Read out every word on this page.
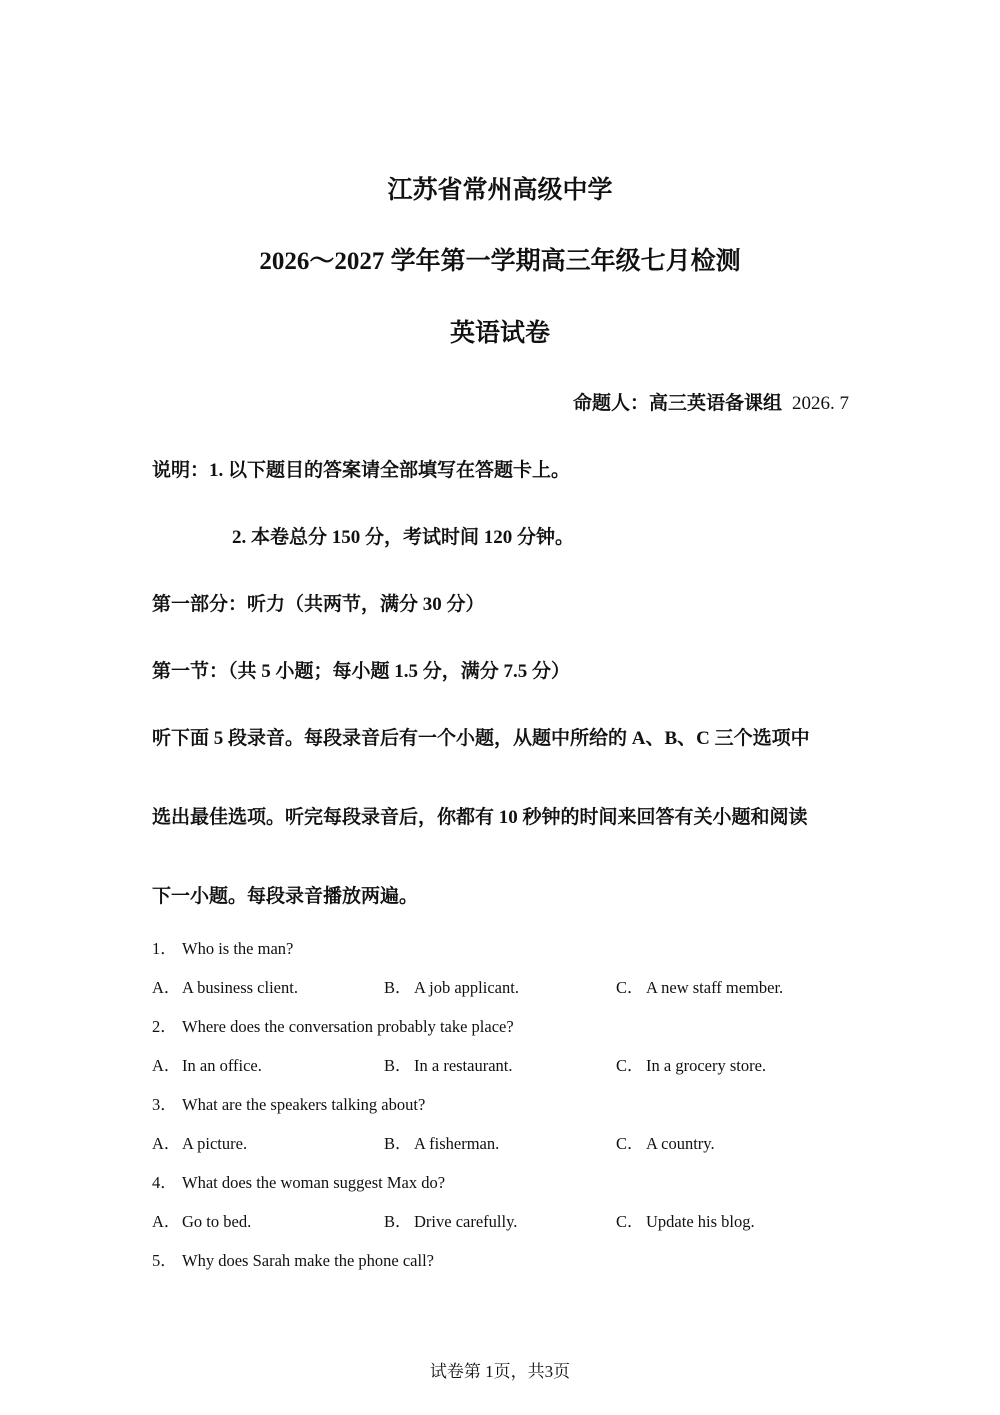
江苏省常州高级中学
2026～2027 学年第一学期高三年级七月检测
英语试卷
命题人：高三英语备课组 2026. 7
说明：1. 以下题目的答案请全部填写在答题卡上。
2. 本卷总分 150 分，考试时间 120 分钟。
第一部分：听力（共两节，满分 30 分）
第一节：（共 5 小题；每小题 1.5 分，满分 7.5 分）
听下面 5 段录音。每段录音后有一个小题，从题中所给的 A、B、C 三个选项中
选出最佳选项。听完每段录音后，你都有 10 秒钟的时间来回答有关小题和阅读
下一小题。每段录音播放两遍。
1． Who is the man?
A．A business client.	B． A job applicant.	C． A new staff member.
2． Where does the conversation probably take place?
A．In an office.	B． In a restaurant.	C． In a grocery store.
3． What are the speakers talking about?
A．A picture.	B． A fisherman.	C． A country.
4． What does the woman suggest Max do?
A．Go to bed.	B． Drive carefully.	C． Update his blog.
5． Why does Sarah make the phone call?
试卷第 1页，共3页
